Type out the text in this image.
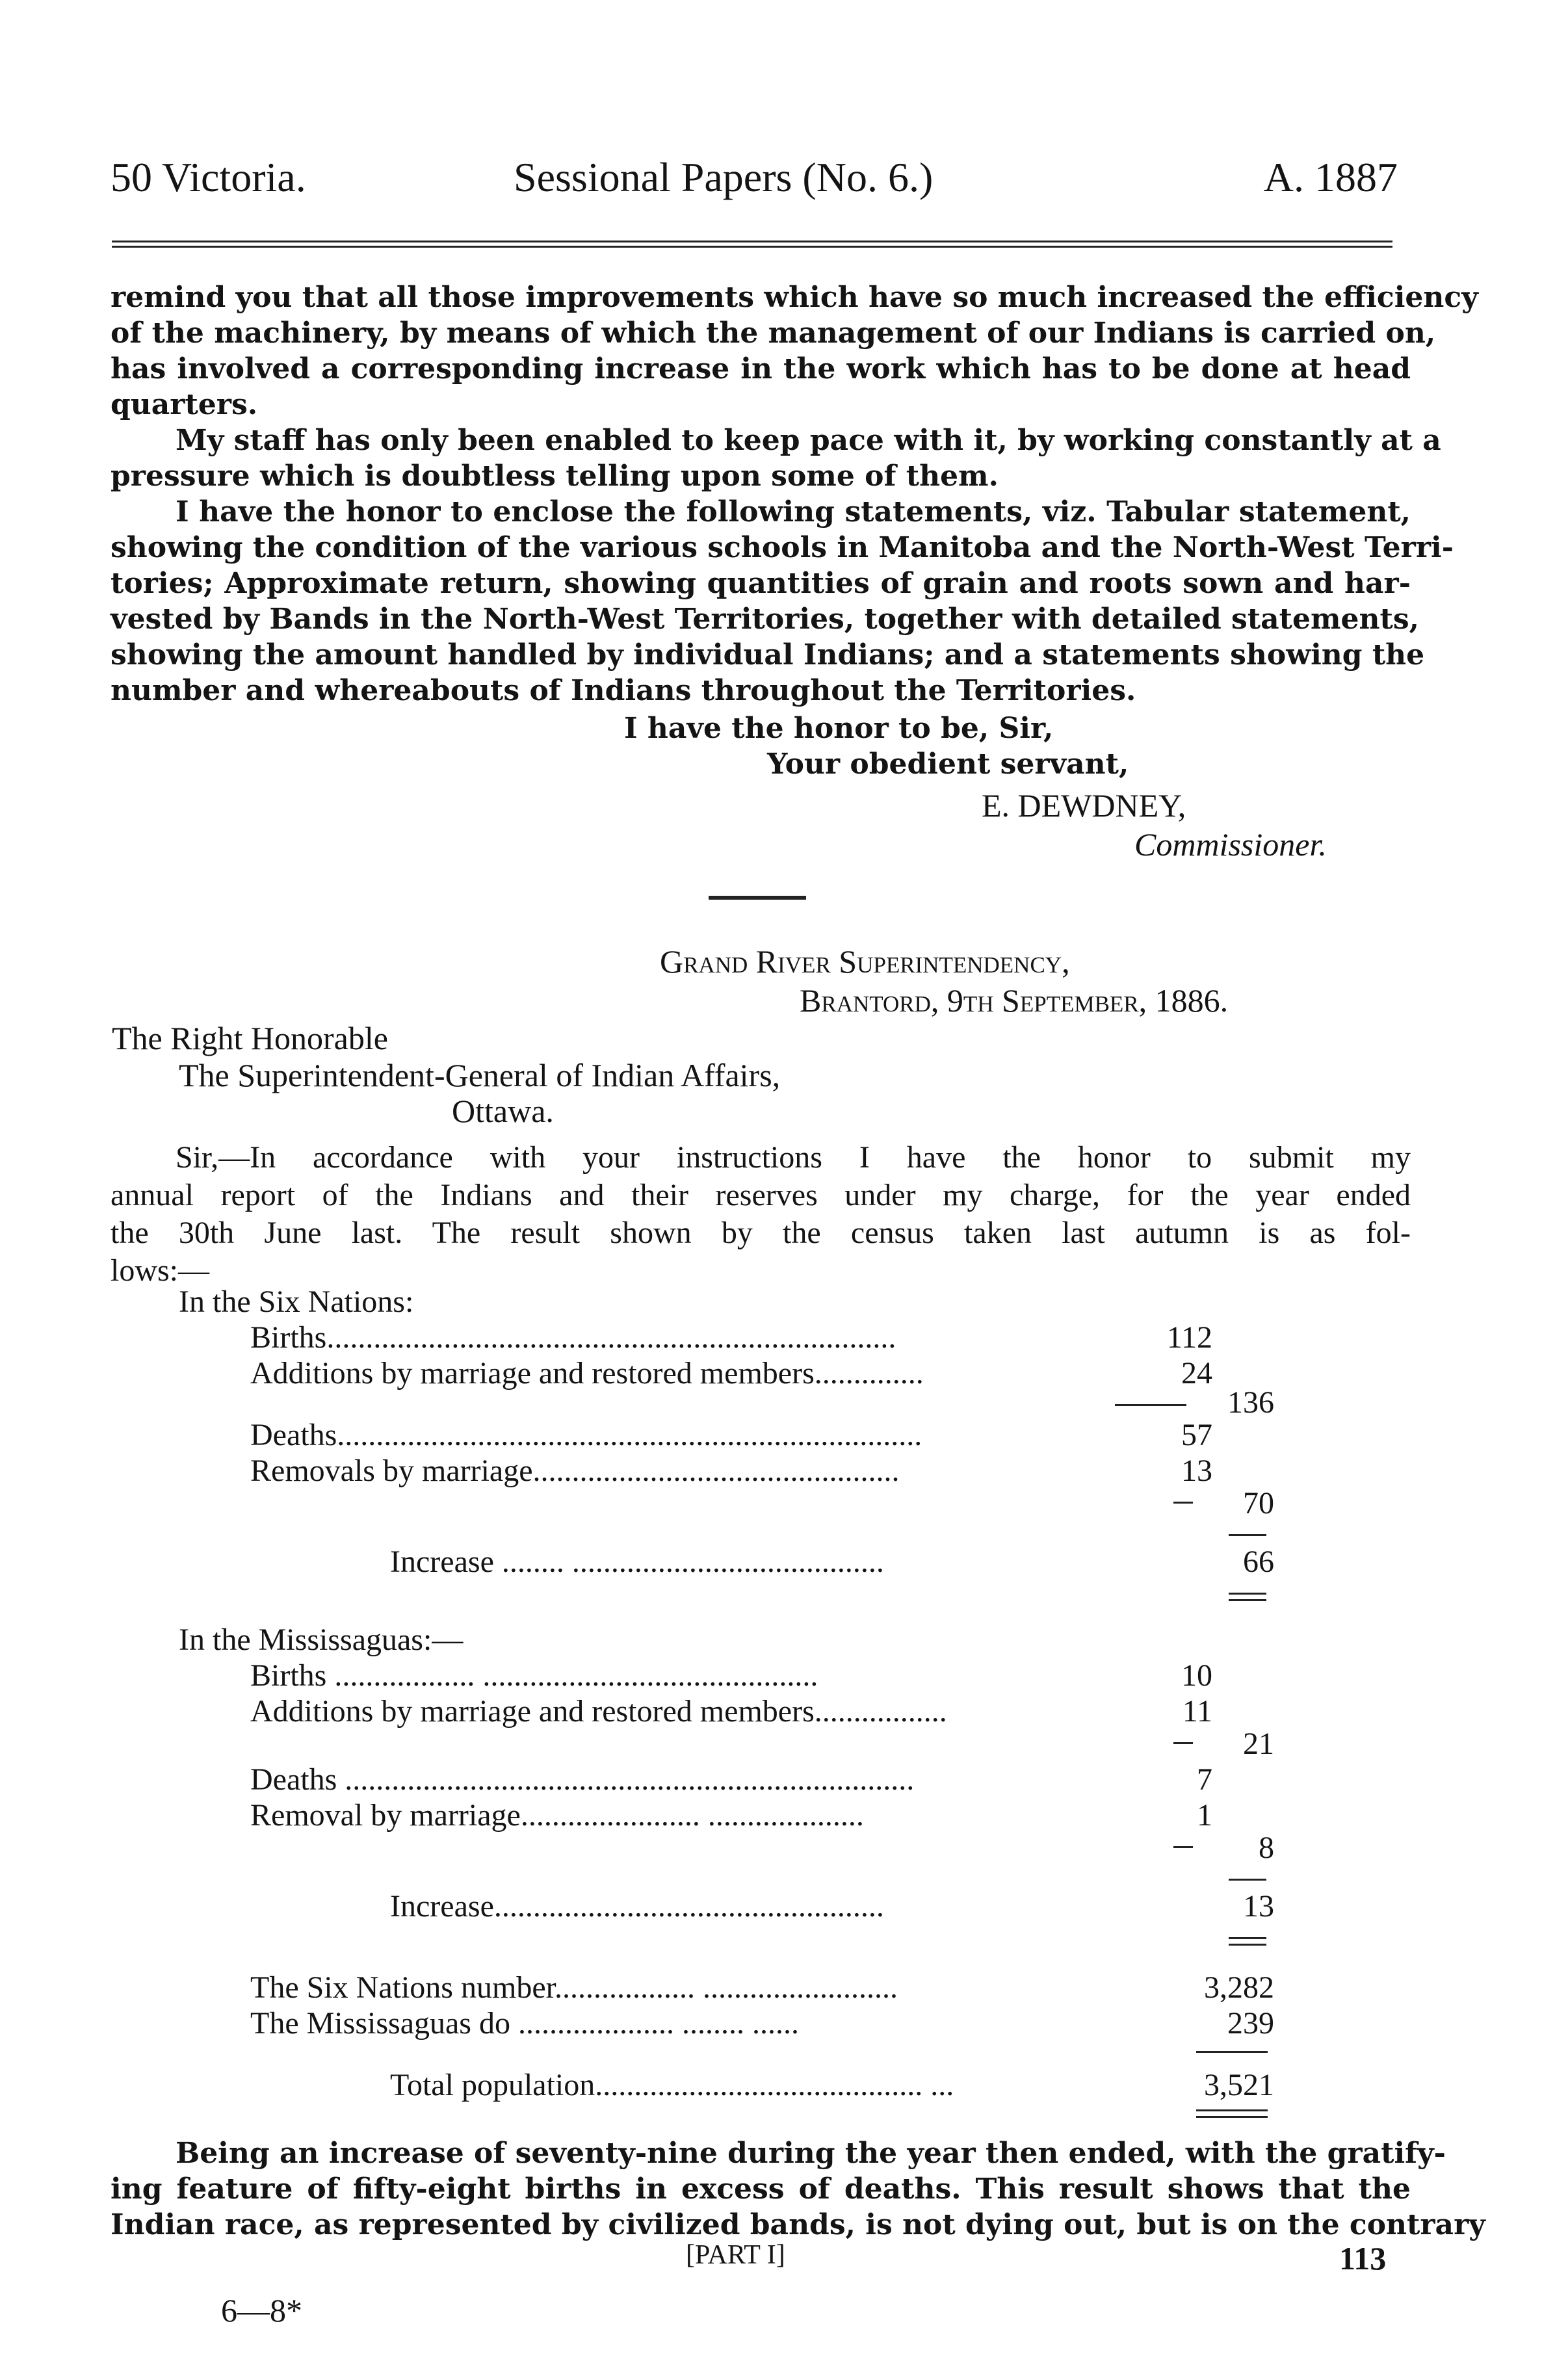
50 Victoria.	Sessional Papers (No. 6.)	A. 1887
remind you that all those improvements which have so much increased the efficiency
of the machinery, by means of which the management of our Indians is carried on,
has involved a corresponding increase in the work which has to be done at head
quarters.
My staff has only been enabled to keep pace with it, by working constantly at a
pressure which is doubtless telling upon some of them.
I have the honor to enclose the following statements, viz. Tabular statement,
showing the condition of the various schools in Manitoba and the North-West Terri-
tories; Approximate return, showing quantities of grain and roots sown and har-
vested by Bands in the North-West Territories, together with detailed statements,
showing the amount handled by individual Indians; and a statements showing the
number and whereabouts of Indians throughout the Territories.
I have the honor to be, Sir,
Your obedient servant,
E. DEWDNEY,
Commissioner.
Grand River Superintendency,
Brantord, 9th September, 1886.
The Right Honorable
The Superintendent-General of Indian Affairs,
Ottawa.
Sir,—In accordance with your instructions I have the honor to submit my
annual report of the Indians and their reserves under my charge, for the year ended
the 30th June last. The result shown by the census taken last autumn is as fol-
lows:—
In the Six Nations:
Births.........................................................................	112
Additions by marriage and restored members..............	24
136
Deaths...........................................................................	57
Removals by marriage...............................................	13
70
Increase ........ ........................................	66
In the Mississaguas:—
Births .................. ...........................................	10
Additions by marriage and restored members.................	11
21
Deaths .........................................................................	7
Removal by marriage....................... ....................	1
8
Increase..................................................	13
The Six Nations number.................. .........................	3,282
The Mississaguas do .................... ........ ......	239
Total population.......................................... ...	3,521
Being an increase of seventy-nine during the year then ended, with the gratify-
ing feature of fifty-eight births in excess of deaths. This result shows that the
Indian race, as represented by civilized bands, is not dying out, but is on the contrary
[PART I]	113
6—8*
